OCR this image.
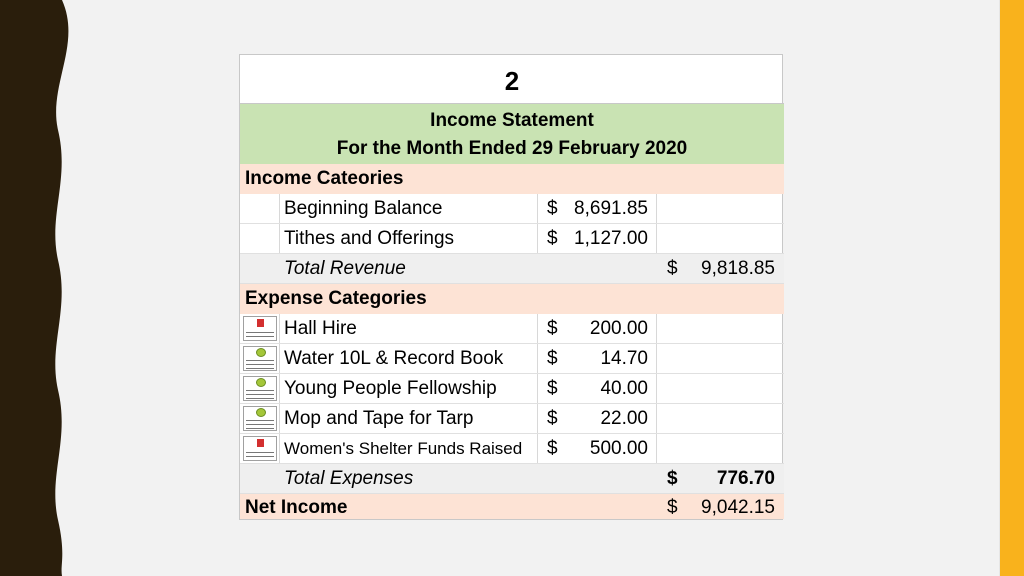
2
Income Statement
For the Month Ended 29 February 2020
Income Cateories
Beginning Balance	$ 8,691.85
Tithes and Offerings	$ 1,127.00
Total Revenue	$ 9,818.85
Expense Categories
Hall Hire	$ 200.00
Water 10L & Record Book	$ 14.70
Young People Fellowship	$ 40.00
Mop and Tape for Tarp	$ 22.00
Women's Shelter Funds Raised	$ 500.00
Total Expenses	$ 776.70
Net Income	$ 9,042.15
